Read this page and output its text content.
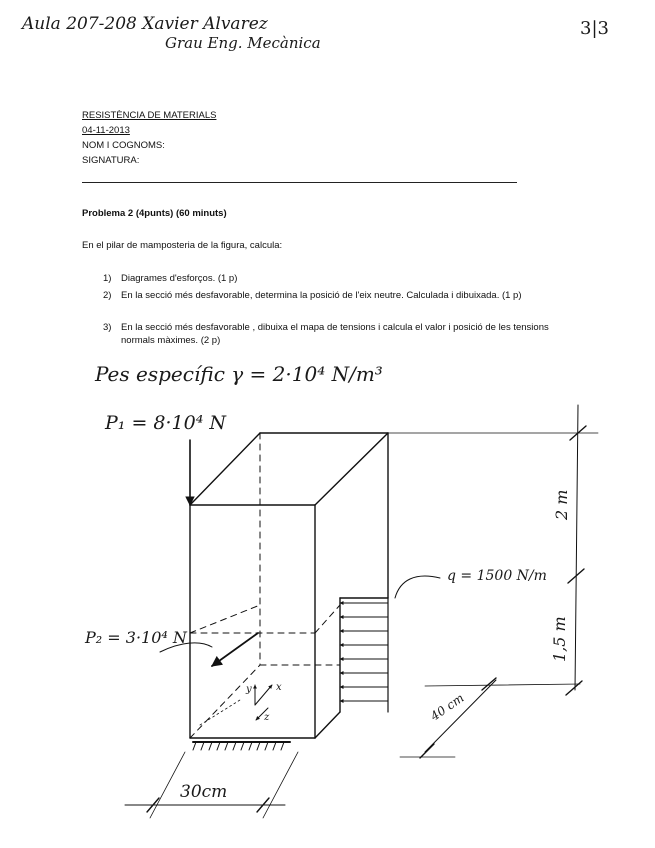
Aula 207-208 Xavier Alvarez
Grau Eng. Mecànica
3|3
RESISTÈNCIA DE MATERIALS
04-11-2013
NOM I COGNOMS:
SIGNATURA:
Problema 2 (4punts) (60 minuts)
En el pilar de mamposteria de la figura, calcula:
1) Diagrames d'esforços. (1 p)
2) En la secció més desfavorable, determina la posició de l'eix neutre. Calculada i dibuixada. (1 p)
3) En la secció més desfavorable , dibuixa el mapa de tensions i calcula el valor i posició de les tensions normals màximes. (2 p)
Pes específic γ = 2·10⁴ N/m³
P₁ = 8·10⁴ N
P₂ = 3·10⁴ N
q = 1500 N/m
2 m
1,5 m
40 cm
30cm
y x
z
